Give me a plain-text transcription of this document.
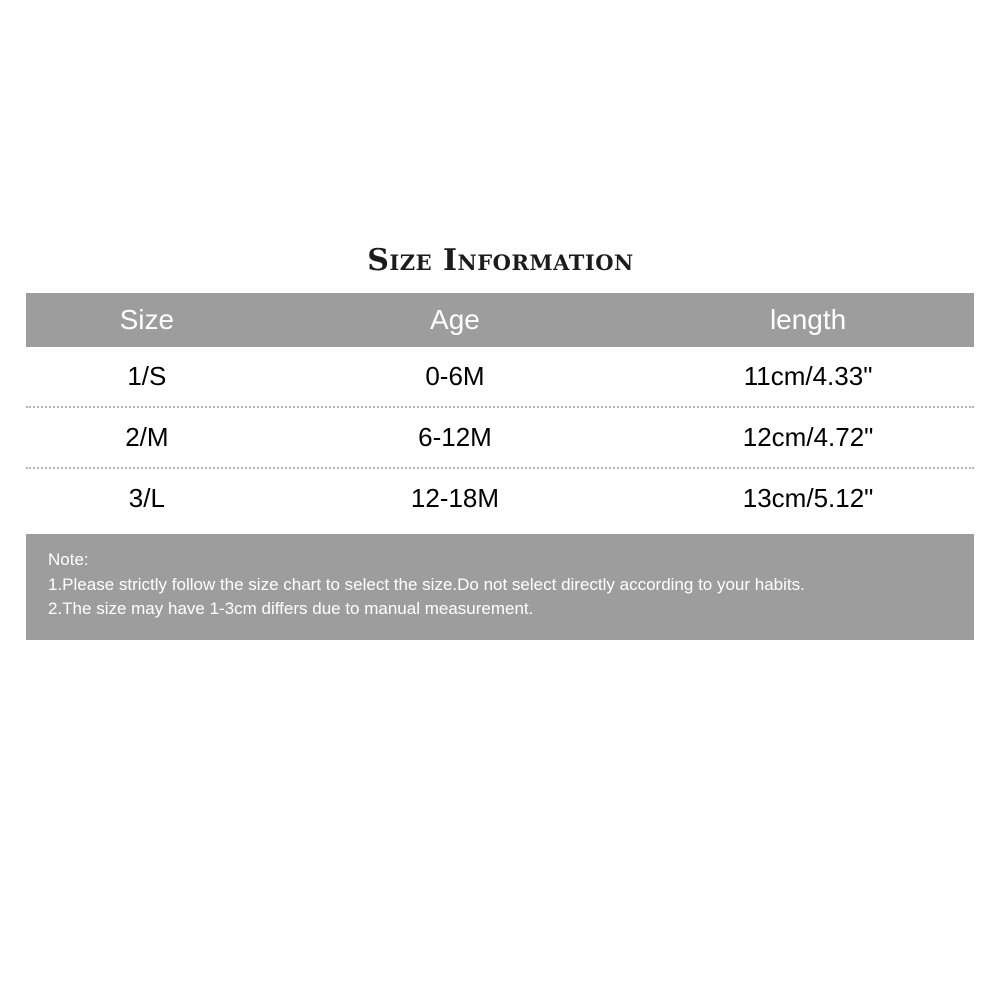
Size Information
Size	Age	length
1/S	0-6M	11cm/4.33"
2/M	6-12M	12cm/4.72"
3/L	12-18M	13cm/5.12"
Note:
1.Please strictly follow the size chart to select the size.Do not select directly according to your habits.
2.The size may have 1-3cm differs due to manual measurement.
